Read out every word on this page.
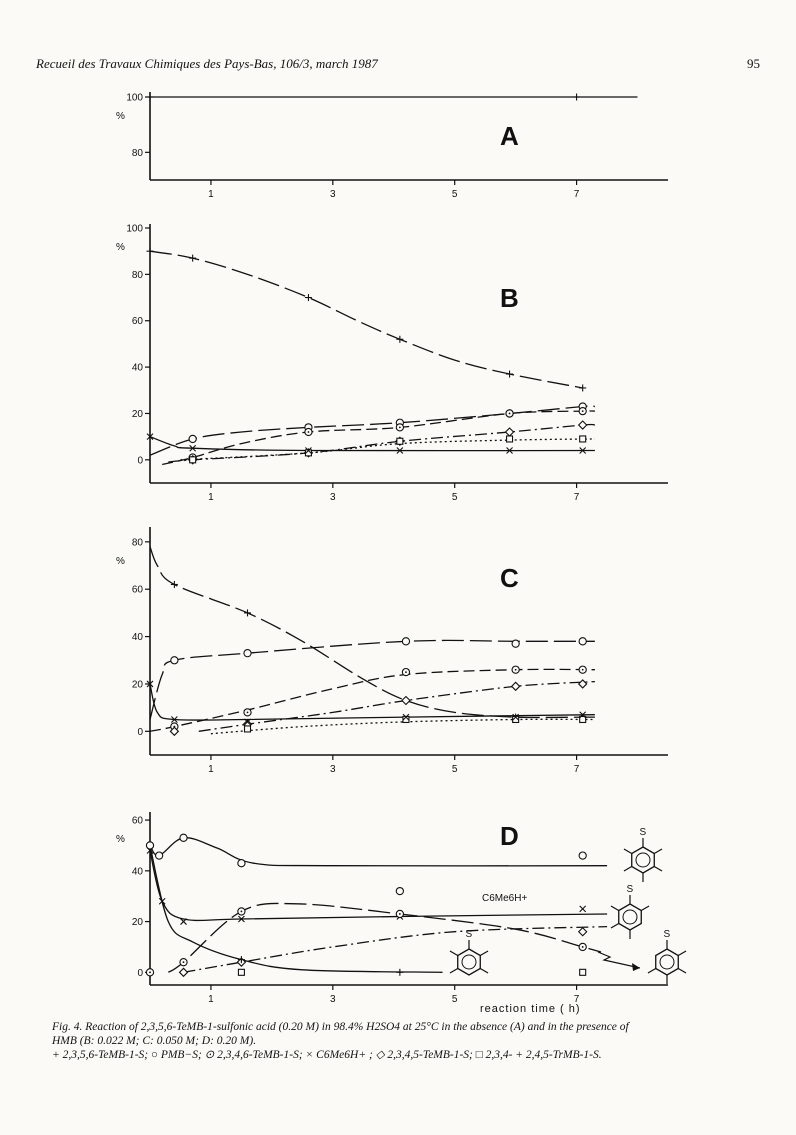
Recueil des Travaux Chimiques des Pays-Bas, 106/3, march 1987	95
A
B
C
D
C6Me6H+
reaction time ( h)
80
100
%
1	3	5	7
0
20
40
60
80
100
%
1	3	5	7
0
20
40
60
80
%
1	3	5	7
0
20
40
60
%
1	3	5	7
S
S
S
S
Fig. 4. Reaction of 2,3,5,6-TeMB-1-sulfonic acid (0.20 M) in 98.4% H2SO4 at 25°C in the absence (A) and in the presence of
HMB (B: 0.022 M; C: 0.050 M; D: 0.20 M).
+ 2,3,5,6-TeMB-1-S; ○ PMB−S; ⊙ 2,3,4,6-TeMB-1-S; × C6Me6H+ ; ◇ 2,3,4,5-TeMB-1-S; □ 2,3,4- + 2,4,5-TrMB-1-S.
